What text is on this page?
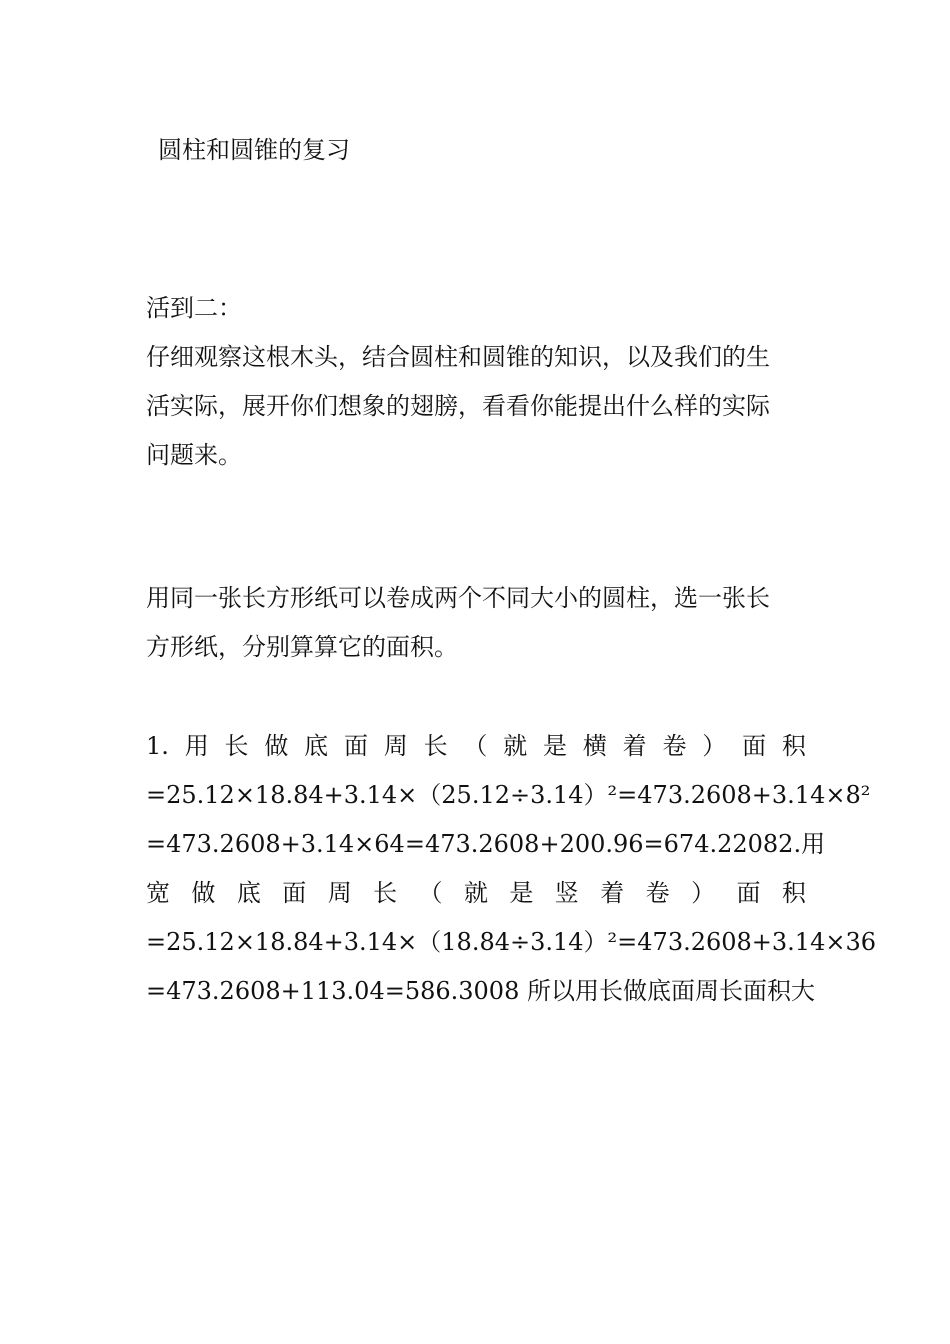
圆柱和圆锥的复习
活到二：
仔细观察这根木头，结合圆柱和圆锥的知识，以及我们的生
活实际，展开你们想象的翅膀，看看你能提出什么样的实际
问题来。
用同一张长方形纸可以卷成两个不同大小的圆柱，选一张长
方形纸，分别算算它的面积。
1. 用 长 做 底 面 周 长 （ 就 是 横 着 卷 ） 面 积
=25.12×18.84+3.14×（25.12÷3.14）² =473.2608+3.14×8²
=473.2608+3.14×64 =473.2608+200.96 =674.22082.用
宽 做 底 面 周 长 （ 就 是 竖 着 卷 ） 面 积
=25.12×18.84+3.14×（18.84÷3.14）² =473.2608+3.14×36
=473.2608+113.04 =586.3008 所以用长做底面周长面积大
